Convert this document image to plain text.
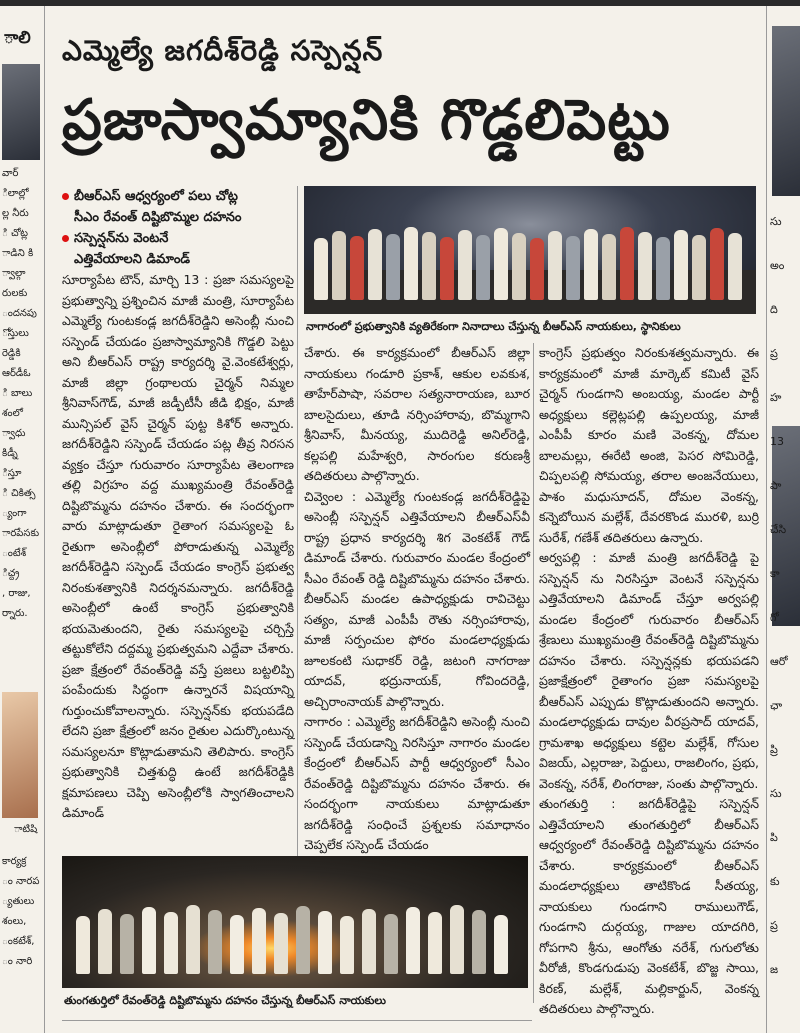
ాలి
వార్
ిలాల్లో
ల్ల నీరు
ి చోట్ల
ాడిని కి
్వాల్గా
రులకు
ందనపు
ోస్తులు
రెడ్డికి
ఆర్‌డీఓ
ి బాలు
శంలో
్వాధు
కిడ్నీ
ిస్తూ
ి చికిత్స
్యంగా
ారపేసకు
ంటేశ్‌
ిచ్ద్ర
, రాజు,
ర్నారు.
ాటిషి
కార్యక్ర
ం నారప
్యతులు
శంలు,
ంకటేశ్‌,
ం నారి
సు
అం
ది
ప్ర
హ
13
పా
చేసి
కా
గో
ఆరో
ఛా
ప్రి
సు
పి
కు
ప్ర
జ
ఎమ్మెల్యే జగదీశ్‌రెడ్డి సస్పెన్షన్
ప్రజాస్వామ్యానికి గొడ్డలిపెట్టు
బీఆర్‌ఎస్‌ ఆధ్వర్యంలో పలు చోట్ల
సీఎం రేవంత్‌ దిష్టిబొమ్మల దహనం
సస్పెన్షన్‌ను వెంటనే
ఎత్తివేయాలని డిమాండ్‌
నాగారంలో ప్రభుత్వానికి వ్యతిరేకంగా నినాదాలు చేస్తున్న బీఆర్‌ఎస్‌ నాయకులు, స్థానికులు
సూర్యాపేట టౌన్‌, మార్చి 13 : ప్రజా సమస్యలపై ప్రభుత్వాన్ని ప్రశ్నించిన మాజీ మంత్రి, సూర్యాపేట ఎమ్మెల్యే గుంటకండ్ల జగదీశ్‌రెడ్డిని అసెంబ్లీ నుంచి సస్పెండ్‌ చేయడం ప్రజాస్వామ్యానికి గొడ్డలి పెట్టు అని బీఆర్‌ఎస్‌ రాష్ట్ర కార్యదర్శి వై.వెంకటేశ్వర్లు, మాజీ జిల్లా గ్రంథాలయ చైర్మన్‌ నిమ్మల శ్రీనివాస్‌గౌడ్‌, మాజీ జడ్పీటీసీ జీడి భిక్షం, మాజీ మున్సిపల్‌ వైస్‌ చైర్మన్‌ పుట్ట కిశోర్‌ అన్నారు. జగదీశ్‌రెడ్డిని సస్పెండ్‌ చేయడం పట్ల తీవ్ర నిరసన వ్యక్తం చేస్తూ గురువారం సూర్యాపేట తెలంగాణ తల్లి విగ్రహం వద్ద ముఖ్యమంత్రి రేవంత్‌రెడ్డి దిష్టిబొమ్మను దహనం చేశారు. ఈ సందర్భంగా వారు మాట్లాడుతూ రైతాంగ సమస్యలపై ఓ రైతుగా అసెంబ్లీలో పోరాడుతున్న ఎమ్మెల్యే జగదీశ్‌రెడ్డిని సస్పెండ్‌ చేయడం కాంగ్రెస్‌ ప్రభుత్వ నిరంకుశత్వానికి నిదర్శనమన్నారు. జగదీశ్‌రెడ్డి అసెంబ్లీలో ఉంటే కాంగ్రెస్‌ ప్రభుత్వానికి భయమెతుందని, రైతు సమస్యలపై చర్చిస్తే తట్టుకోలేని దద్దమ్మ ప్రభుత్వమని ఎద్దేవా చేశారు. ప్రజా క్షేత్రంలో రేవంత్‌రెడ్డి వస్తే ప్రజలు బట్టలిప్పి పంపేందుకు సిద్ధంగా ఉన్నారనే విషయాన్ని గుర్తుంచుకోవాలన్నారు. సస్పెన్షన్‌కు భయపడేది లేదని ప్రజా క్షేత్రంలో జనం రైతుల ఎదుర్కొంటున్న సమస్యలనూ కొట్లాడుతామని తెలిపారు. కాంగ్రెస్‌ ప్రభుత్వానికి చిత్తశుద్ధి ఉంటే జగదీశ్‌రెడ్డికి క్షమాపణలు చెప్పి అసెంబ్లీలోకి స్వాగతించాలని డిమాండ్‌
చేశారు. ఈ కార్యక్రమంలో బీఆర్‌ఎస్‌ జిల్లా నాయకులు గండూరి ప్రకాశ్‌, ఆకుల లవకుశ, తాహేర్‌పాషా, సవరాల సత్యనారాయణ, బూర బాలసైదులు, తూడి నర్సింహారావు, బొమ్మగాని శ్రీనివాస్‌, మీనయ్య, ముదిరెడ్డి అనిల్‌రెడ్డి, కల్లపల్లి మహేశ్వరి, సారంగుల కరుణశ్రీ తదితరులు పాల్గొన్నారు.
చివ్వెంల : ఎమ్మెల్యే గుంటకండ్ల జగదీశ్‌రెడ్డిపై అసెంబ్లీ సస్పెన్షన్‌ ఎత్తివేయాలని బీఆర్‌ఎస్‌వీ రాష్ట్ర ప్రధాన కార్యదర్శి శిగ వెంకటేశ్‌ గౌడ్‌ డిమాండ్‌ చేశారు. గురువారం మండల కేంద్రంలో సీఎం రేవంత్‌ రెడ్డి దిష్టిబొమ్మను దహనం చేశారు. బీఆర్‌ఎస్‌ మండల ఉపాధ్యక్షుడు రావిచెట్టు సత్యం, మాజీ ఎంపీపీ రౌతు నర్సింహారావు, మాజీ సర్పంచుల ఫోరం మండలాధ్యక్షుడు జూలకంటి సుధాకర్‌ రెడ్డి, జటంగి నాగరాజు యాదవ్‌, భద్రునాయక్‌, గోవిందరెడ్డి, అచ్చిరాంనాయక్‌ పాల్గొన్నారు.
నాగారం : ఎమ్మెల్యే జగదీశ్‌రెడ్డిని అసెంబ్లీ నుంచి సస్పెండ్‌ చేయడాన్ని నిరసిస్తూ నాగారం మండల కేంద్రంలో బీఆర్‌ఎస్‌ పార్టీ ఆధ్వర్యంలో సీఎం రేవంత్‌రెడ్డి దిష్టిబొమ్మను దహనం చేశారు. ఈ సందర్భంగా నాయకులు మాట్లాడుతూ జగదీశ్‌రెడ్డి సంధించే ప్రశ్నలకు సమాధానం చెప్పలేక సస్పెండ్‌ చేయడం
కాంగ్రెస్‌ ప్రభుత్వం నిరంకుశత్వమన్నారు. ఈ కార్యక్రమంలో మాజీ మార్కెట్‌ కమిటీ వైస్‌ చైర్మన్‌ గుండగాని అంబయ్య, మండల పార్టీ అధ్యక్షులు కల్లెట్లపల్లి ఉప్పలయ్య, మాజీ ఎంపీపీ కూరం మణి వెంకన్న, దోమల బాలమల్లు, ఈరేటి అంజి, పెసర సోమిరెడ్డి, చిప్పలపల్లి సోమయ్య, తరాల అంజనేయులు, పాశం మధుసూదన్‌, దోమల వెంకన్న, కన్నెబోయిన మల్లేశ్‌, దేవరకొండ మురళి, బుర్రి సురేశ్‌, గణేశ్‌ తదితరులు ఉన్నారు.
అర్వపల్లి : మాజీ మంత్రి జగదీశ్‌రెడ్డి పై సస్పెన్షన్‌ ను నిరసిస్తూ వెంటనే సస్పెన్షను ఎత్తివేయాలని డిమాండ్‌ చేస్తూ అర్వపల్లి మండల కేంద్రంలో గురువారం బీఆర్‌ఎస్‌ శ్రేణులు ముఖ్యమంత్రి రేవంత్‌రెడ్డి దిష్టిబొమ్మను దహనం చేశారు. సస్పెన్షన్లకు భయపడని ప్రజాక్షేత్రంలో రైతాంగం ప్రజా సమస్యలపై బీఆర్‌ఎస్‌ ఎప్పుడు కొట్లాడుతుందని అన్నారు. మండలాధ్యక్షుడు దావుల వీరప్రసాద్‌ యాదవ్‌, గ్రామశాఖ అధ్యక్షులు కట్టెల మల్లేశ్‌, గోసుల విజయ్‌, ఎల్లరాజు, పెద్దులు, రాజలింగం, ప్రభు, వెంకన్న, నరేశ్‌, లింగరాజు, సంతు పాల్గొన్నారు.
తుంగతుర్తి : జగదీశ్‌రెడ్డిపై సస్పెన్షన్‌ ఎత్తివేయాలని తుంగతుర్తిలో బీఆర్‌ఎస్‌ ఆధ్వర్యంలో రేవంత్‌రెడ్డి దిష్టిబొమ్మను దహనం చేశారు. కార్యక్రమంలో బీఆర్‌ఎస్‌ మండలాధ్యక్షులు తాటికొండ సీతయ్య, నాయకులు గుండగాని రాములుగౌడ్‌, గుండగాని దుర్గయ్య, గాజుల యాదగిరి, గోపగాని శ్రీను, ఆంగోతు నరేశ్‌, గుగులోతు వీరోజీ, కొండగుడుపు వెంకటేశ్‌, బొజ్జ సాయి, కిరణ్‌, మల్లేశ్‌, మల్లికార్జున్‌, వెంకన్న తదితరులు పాల్గొన్నారు.
తుంగతుర్తిలో రేవంత్‌రెడ్డి దిష్టిబొమ్మను దహనం చేస్తున్న బీఆర్‌ఎస్‌ నాయకులు
